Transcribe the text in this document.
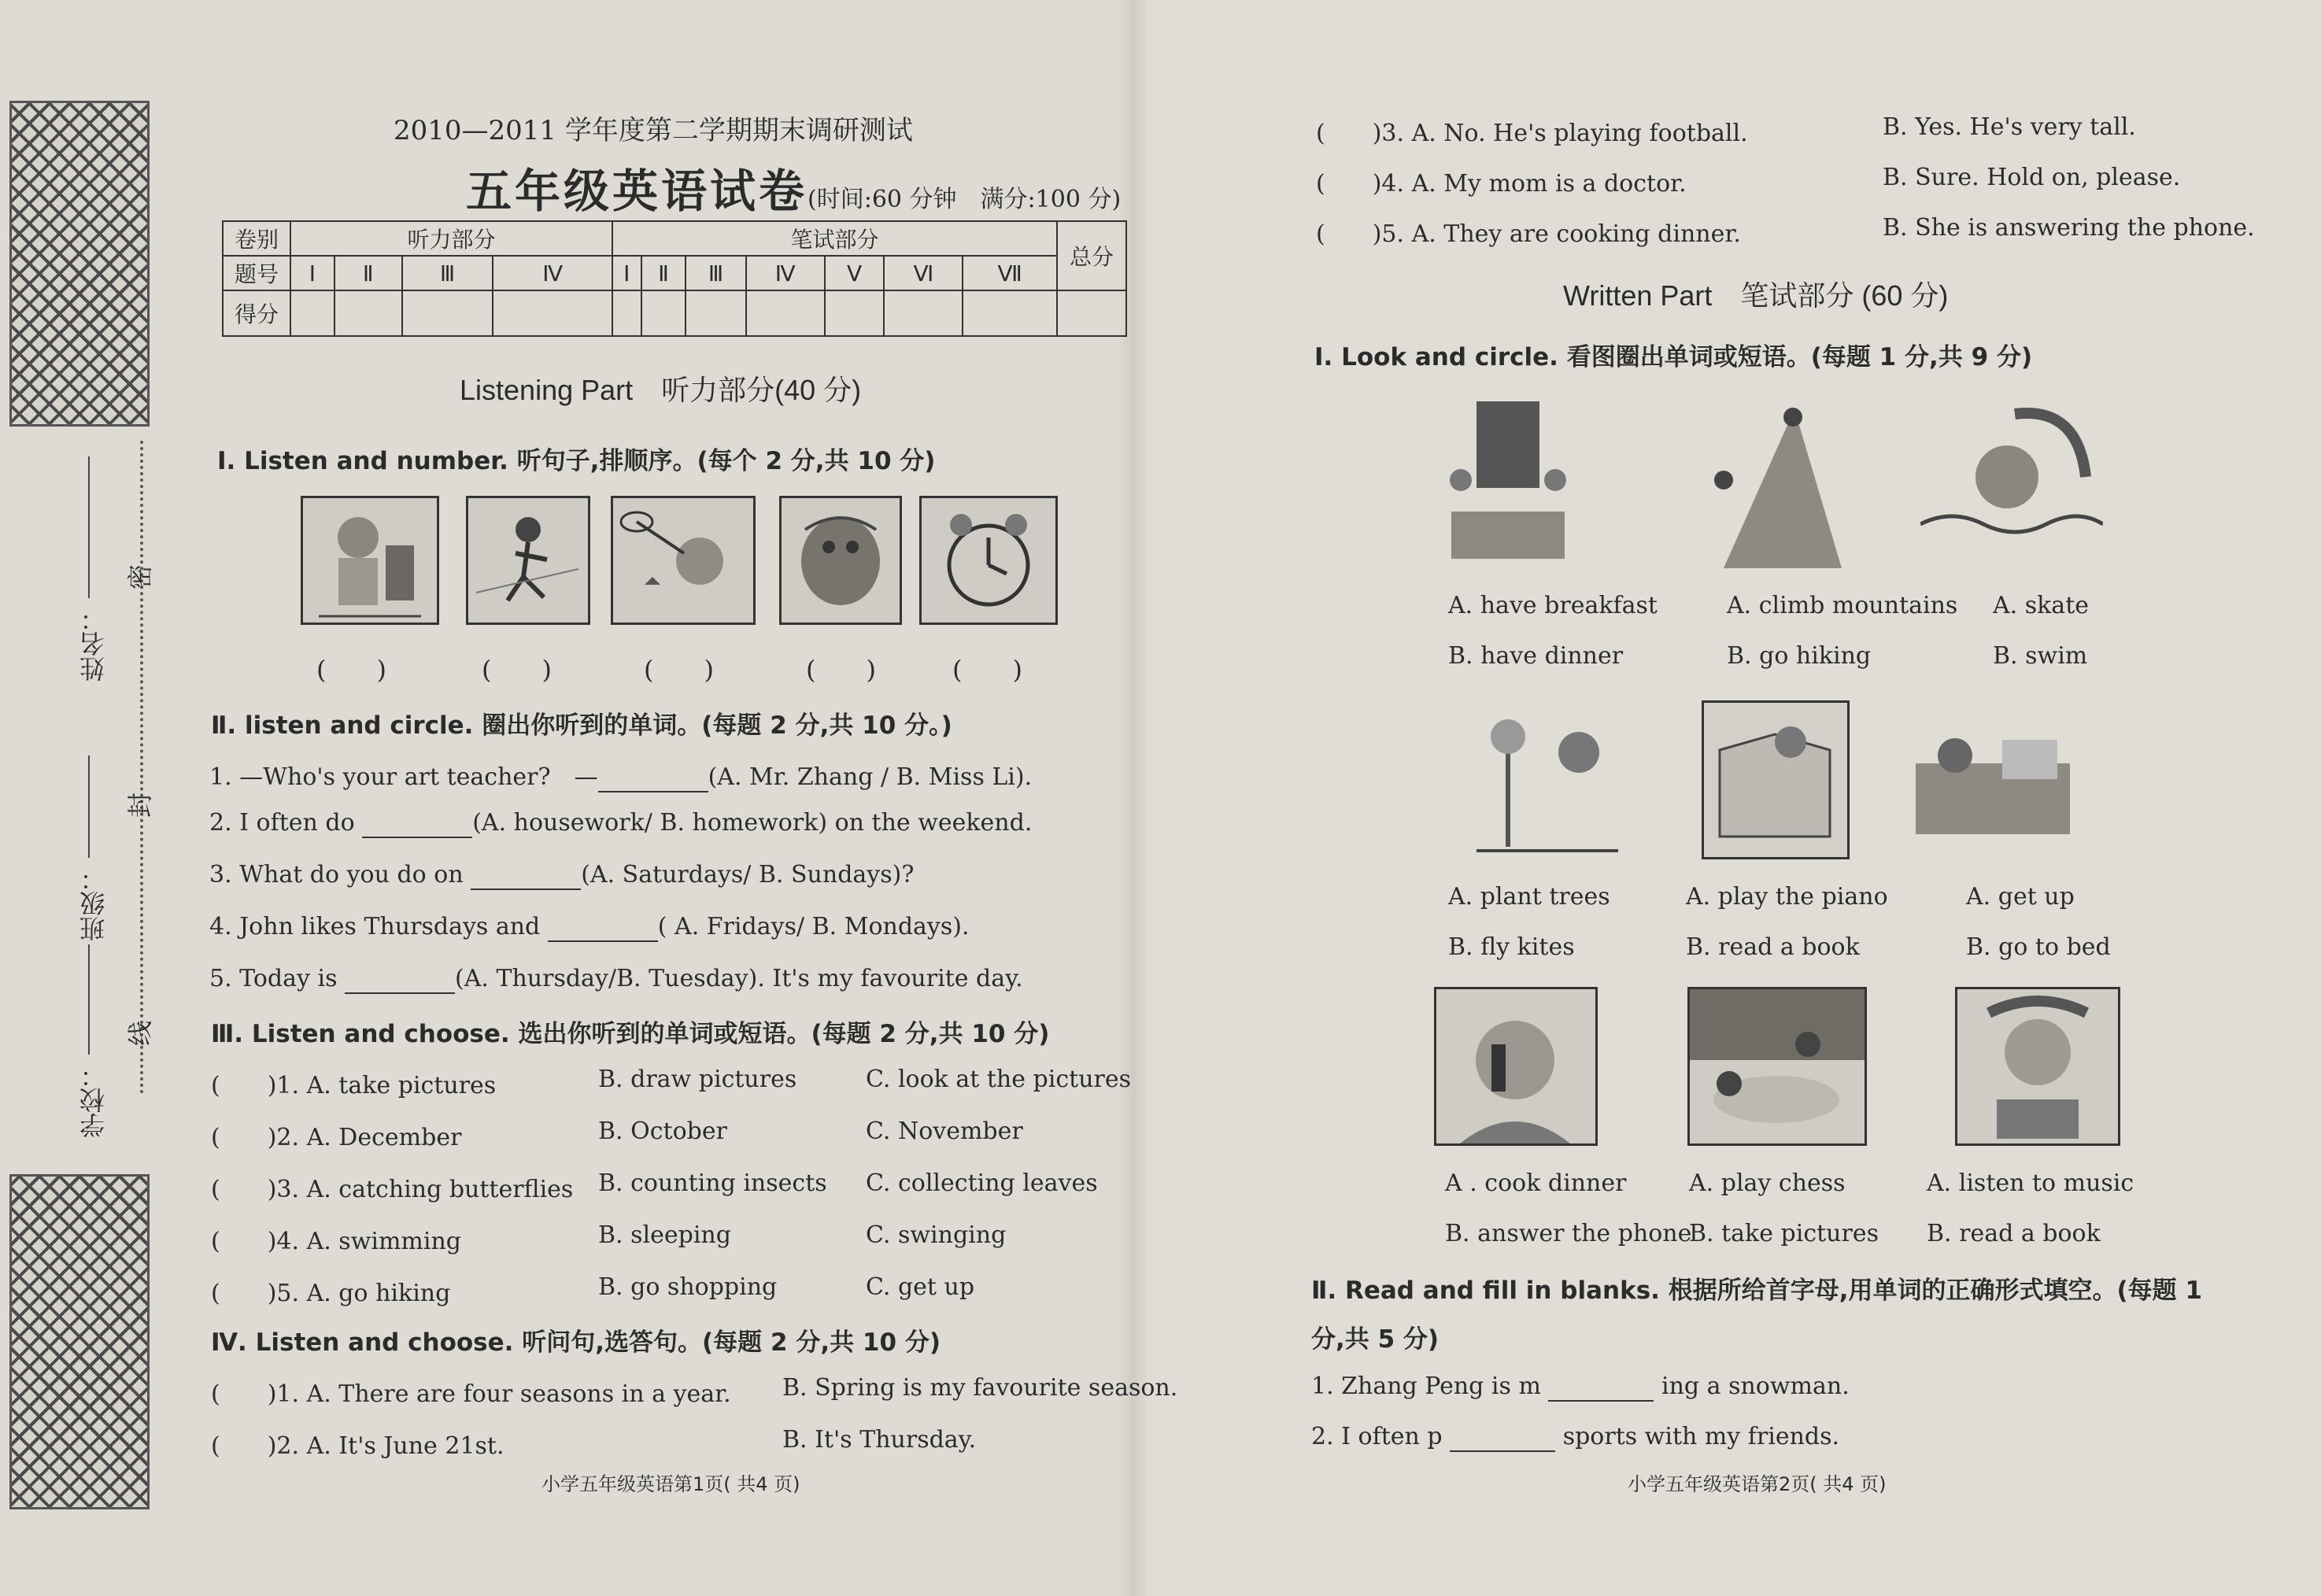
姓名：
班级：
学校：
密
封
线
2010—2011 学年度第二学期期末调研测试
五年级英语试卷(时间:60 分钟　满分:100 分)
卷别	听力部分				笔试部分							总分
题号	Ⅰ	Ⅱ	Ⅲ	Ⅳ	Ⅰ	Ⅱ	Ⅲ	Ⅳ	Ⅴ	Ⅵ	Ⅶ	
得分												
Listening Part　听力部分(40 分)
Ⅰ. Listen and number. 听句子,排顺序。(每个 2 分,共 10 分)
(　　)	(　　)	(　　)	(　　)	(　　)
Ⅱ. listen and circle. 圈出你听到的单词。(每题 2 分,共 10 分。)
1. —Who's your art teacher?　—	(A. Mr. Zhang / B. Miss Li).
2. I often do	(A. housework/ B. homework) on the weekend.
3. What do you do on	(A. Saturdays/ B. Sundays)?
4. John likes Thursdays and	( A. Fridays/ B. Mondays).
5. Today is	(A. Thursday/B. Tuesday). It's my favourite day.
Ⅲ. Listen and choose. 选出你听到的单词或短语。(每题 2 分,共 10 分)
(　　)1. A. take pictures	B. draw pictures	C. look at the pictures
(　　)2. A. December	B. October	C. November
(　　)3. A. catching butterflies B. counting insects C. collecting leaves
(　　)4. A. swimming	B. sleeping	C. swinging
(　　)5. A. go hiking	B. go shopping	C. get up
Ⅳ. Listen and choose. 听问句,选答句。(每题 2 分,共 10 分)
(　　)1. A. There are four seasons in a year. B. Spring is my favourite season.
(　　)2. A. It's June 21st.	B. It's Thursday.
小学五年级英语第1页( 共4 页)
(　　)3. A. No. He's playing football.	B. Yes. He's very tall.
(　　)4. A. My mom is a doctor.	B. Sure. Hold on, please.
(　　)5. A. They are cooking dinner.	B. She is answering the phone.
Written Part　笔试部分 (60 分)
Ⅰ. Look and circle. 看图圈出单词或短语。(每题 1 分,共 9 分)
A. have breakfast
B. have dinner
A. climb mountains
B. go hiking
A. skate
B. swim
A. plant trees
B. fly kites
A. play the piano
B. read a book
A. get up
B. go to bed
A . cook dinner
B. answer the phone
A. play chess
B. take pictures
A. listen to music
B. read a book
Ⅱ. Read and fill in blanks. 根据所给首字母,用单词的正确形式填空。(每题 1
分,共 5 分)
1. Zhang Peng is m	ing a snowman.
2. I often p	sports with my friends.
小学五年级英语第2页( 共4 页)
